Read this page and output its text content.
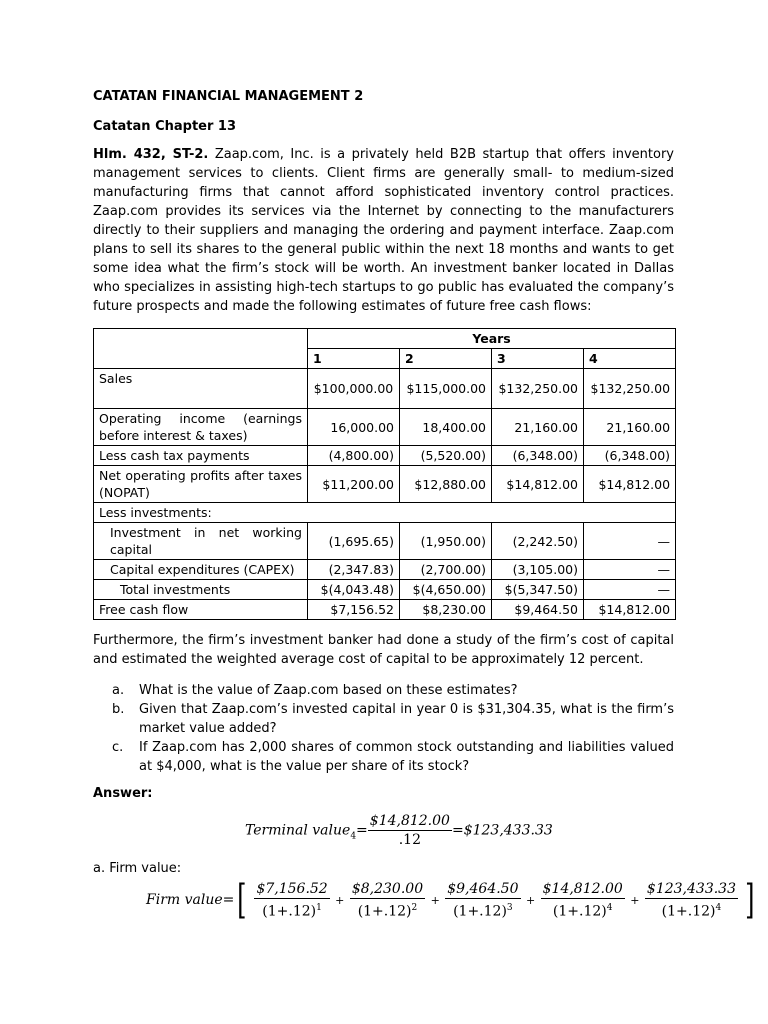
CATATAN FINANCIAL MANAGEMENT 2
Catatan Chapter 13

Hlm. 432, ST-2. Zaap.com, Inc. is a privately held B2B startup that offers inventory management services to clients. Client firms are generally small- to medium-sized manufacturing firms that cannot afford sophisticated inventory control practices. Zaap.com provides its services via the Internet by connecting to the manufacturers directly to their suppliers and managing the ordering and payment interface. Zaap.com plans to sell its shares to the general public within the next 18 months and wants to get some idea what the firm’s stock will be worth. An investment banker located in Dallas who specializes in assisting high-tech startups to go public has evaluated the company’s future prospects and made the following estimates of future free cash flows:

	Years			
	1	2	3	4
Sales	$100,000.00	$115,000.00	$132,250.00	$132,250.00
Operating income (earnings before interest & taxes)	16,000.00	18,400.00	21,160.00	21,160.00
Less cash tax payments	(4,800.00)	(5,520.00)	(6,348.00)	(6,348.00)
Net operating profits after taxes (NOPAT)	$11,200.00	$12,880.00	$14,812.00	$14,812.00
Less investments:				
Investment in net working capital	(1,695.65)	(1,950.00)	(2,242.50)	—
Capital expenditures (CAPEX)	(2,347.83)	(2,700.00)	(3,105.00)	—
Total investments	$(4,043.48)	$(4,650.00)	$(5,347.50)	—
Free cash flow	$7,156.52	$8,230.00	$9,464.50	$14,812.00

Furthermore, the firm’s investment banker had done a study of the firm’s cost of capital and estimated the weighted average cost of capital to be approximately 12 percent.

a. What is the value of Zaap.com based on these estimates?
b. Given that Zaap.com’s invested capital in year 0 is $31,304.35, what is the firm’s market value added?
c. If Zaap.com has 2,000 shares of common stock outstanding and liabilities valued at $4,000, what is the value per share of its stock?
Answer:
Terminal value$_4$= $\frac{\$14,812.00}{.12}$ =$123,433.33
a. Firm value:
Firm value=[ $\frac{\$7,156.52}{(1+.12)^1} + \frac{\$8,230.00}{(1+.12)^2} + \frac{\$9,464.50}{(1+.12)^3} + \frac{\$14,812.00}{(1+.12)^4} + \frac{\$123,433.33}{(1+.12)^4}$ ]
